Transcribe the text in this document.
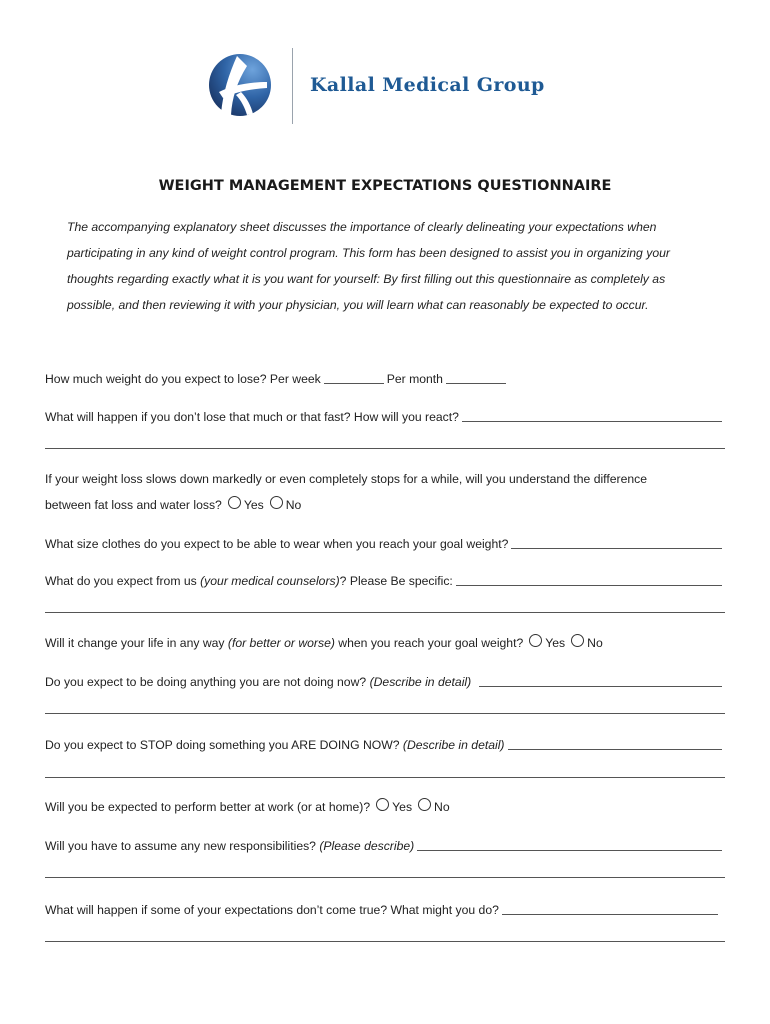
Kallal Medical Group
WEIGHT MANAGEMENT EXPECTATIONS QUESTIONNAIRE

The accompanying explanatory sheet discusses the importance of clearly delineating your expectations when

participating in any kind of weight control program. This form has been designed to assist you in organizing your

thoughts regarding exactly what it is you want for yourself: By first filling out this questionnaire as completely as

possible, and then reviewing it with your physician, you will learn what can reasonably be expected to occur.

How much weight do you expect to lose? Per week	Per month
What will happen if you don’t lose that much or that fast? How will you react?
If your weight loss slows down markedly or even completely stops for a while, will you understand the difference
between fat loss and water loss? Yes No
What size clothes do you expect to be able to wear when you reach your goal weight?
What do you expect from us (your medical counselors) ? Please Be specific:
Will it change your life in any way (for better or worse) when you reach your goal weight? Yes No
Do you expect to be doing anything you are not doing now? (Describe in detail)
Do you expect to STOP doing something you ARE DOING NOW? (Describe in detail)
Will you be expected to perform better at work (or at home)? Yes No
Will you have to assume any new responsibilities? (Please describe)
What will happen if some of your expectations don’t come true? What might you do?
